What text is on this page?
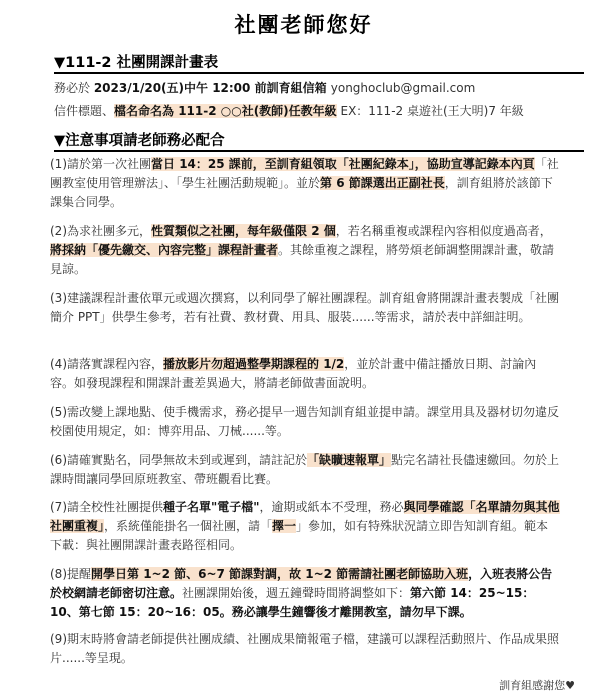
社團老師您好
▼111-2 社團開課計畫表
務必於 2023/1/20(五)中午 12:00 前訓育組信箱 yonghoclub@gmail.com
信件標題、檔名命名為 111-2 ○○社(教師)任教年級 EX：111-2 桌遊社(王大明)7 年級
▼注意事項請老師務必配合
(1)請於第一次社團當日 14：25 課前，至訓育組領取「社團紀錄本」，協助宣導記錄本內頁「社團教室使用管理辦法」、「學生社團活動規範」。並於第 6 節課選出正副社長，訓育組將於該節下課集合同學。
(2)為求社團多元，性質類似之社團，每年級僅限 2 個，若名稱重複或課程內容相似度過高者，將採納「優先繳交、內容完整」課程計畫者。其餘重複之課程，將勞煩老師調整開課計畫，敬請見諒。
(3)建議課程計畫依單元或週次撰寫，以利同學了解社團課程。訓育組會將開課計畫表製成「社團簡介 PPT」供學生參考，若有社費、教材費、用具、服裝......等需求，請於表中詳細註明。
(4)請落實課程內容，播放影片勿超過整學期課程的 1/2，並於計畫中備註播放日期、討論內容。如發現課程和開課計畫差異過大，將請老師做書面說明。
(5)需改變上課地點、使手機需求，務必提早一週告知訓育組並提申請。課堂用具及器材切勿違反校園使用規定，如：博弈用品、刀械......等。
(6)請確實點名，同學無故未到或遲到，請註記於「缺曠速報單」點完名請社長儘速繳回。勿於上課時間讓同學回原班教室、帶班觀看比賽。
(7)請全校性社團提供種子名單"電子檔"，逾期或紙本不受理，務必與同學確認「名單請勿與其他社團重複」，系統僅能掛名一個社團，請「擇一」參加，如有特殊狀況請立即告知訓育組。範本下載：與社團開課計畫表路徑相同。
(8)提醒開學日第 1~2 節、6~7 節課對調，故 1~2 節需請社團老師協助入班，入班表將公告於校網請老師密切注意。社團課開始後，週五鐘聲時間將調整如下：第六節 14：25~15：10、第七節 15：20~16：05。務必讓學生鐘響後才離開教室，請勿早下課。
(9)期末時將會請老師提供社團成績、社團成果簡報電子檔，建議可以課程活動照片、作品成果照片......等呈現。
訓育組感謝您♥
